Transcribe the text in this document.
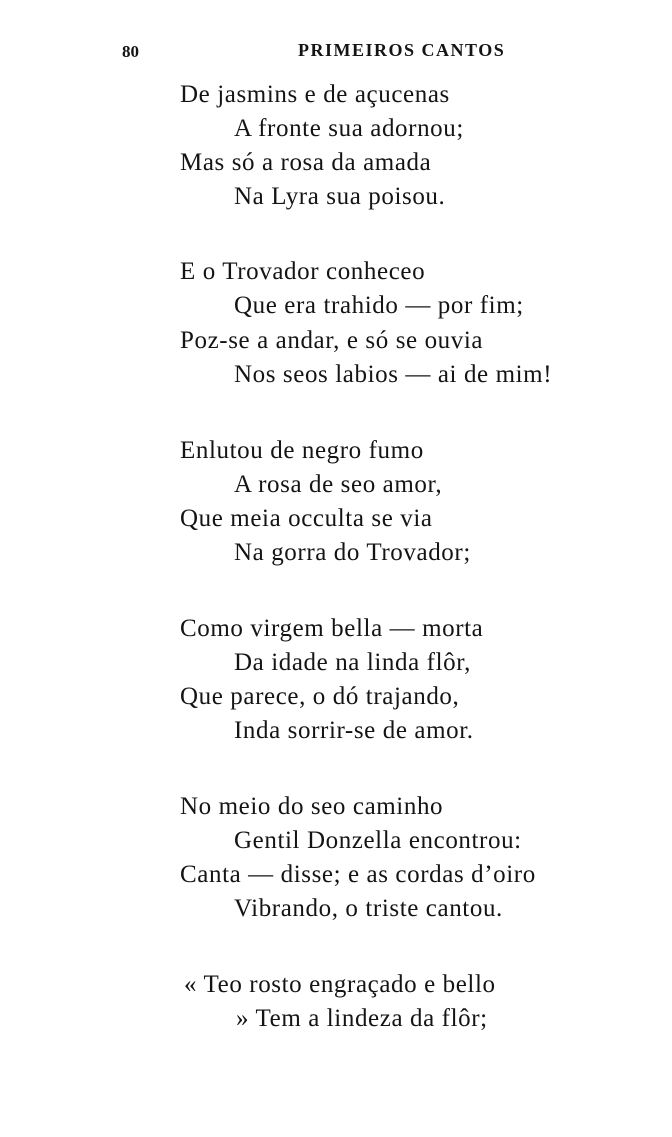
80	PRIMEIROS CANTOS
De jasmins e de açucenas
A fronte sua adornou;
Mas só a rosa da amada
Na Lyra sua poisou.
E o Trovador conheceo
Que era trahido — por fim;
Poz-se a andar, e só se ouvia
Nos seos labios — ai de mim!
Enlutou de negro fumo
A rosa de seo amor,
Que meia occulta se via
Na gorra do Trovador;
Como virgem bella — morta
Da idade na linda flôr,
Que parece, o dó trajando,
Inda sorrir-se de amor.
No meio do seo caminho
Gentil Donzella encontrou:
Canta — disse; e as cordas d’oiro
Vibrando, o triste cantou.
« Teo rosto engraçado e bello
» Tem a lindeza da flôr;
